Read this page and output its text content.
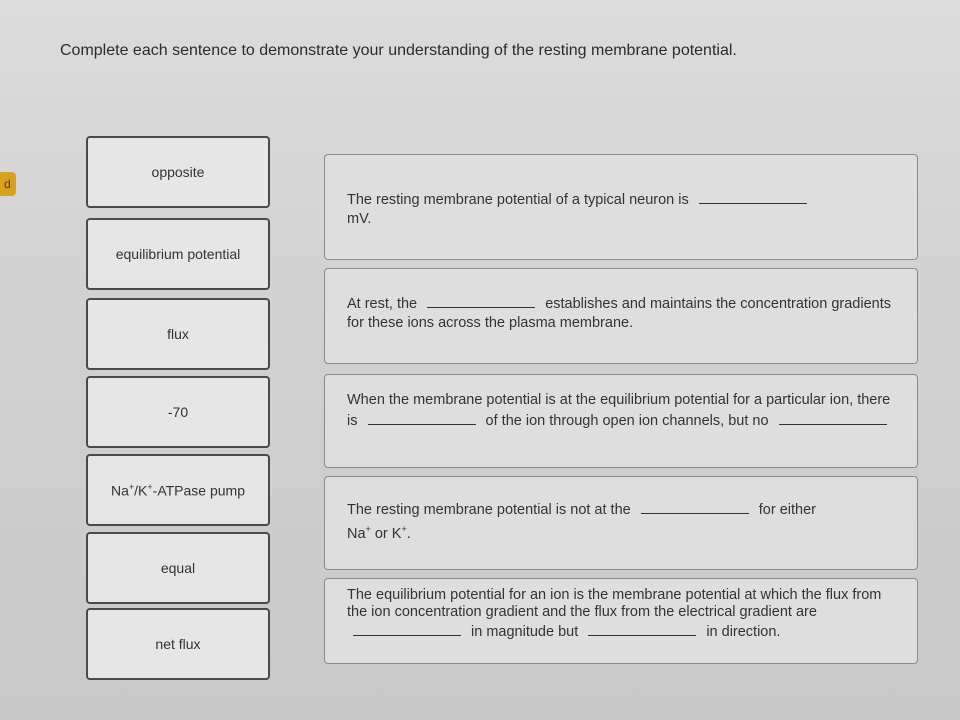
d
Complete each sentence to demonstrate your understanding of the resting membrane potential.
opposite
equilibrium potential
flux
-70
Na+/K+-ATPase pump
equal
net flux
The resting membrane potential of a typical neuron is
mV.
At rest, the	establishes and maintains the concentration gradients for these ions across the plasma membrane.
When the membrane potential is at the equilibrium potential for a particular ion, there is	of the ion through open ion channels, but no
The resting membrane potential is not at the	for either
Na+ or K+.
The equilibrium potential for an ion is the membrane potential at which the flux from the ion concentration gradient and the flux from the electrical gradient are  in magnitude but	in direction.
